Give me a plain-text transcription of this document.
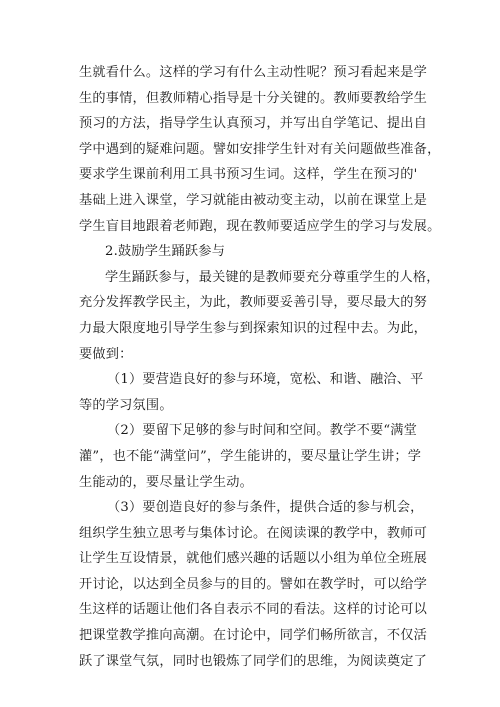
生就看什么。这样的学习有什么主动性呢？预习看起来是学
生的事情，但教师精心指导是十分关键的。教师要教给学生
预习的方法，指导学生认真预习，并写出自学笔记、提出自
学中遇到的疑难问题。譬如安排学生针对有关问题做些准备，
要求学生课前利用工具书预习生词。这样，学生在预习的'
基础上进入课堂，学习就能由被动变主动，以前在课堂上是
学生盲目地跟着老师跑，现在教师要适应学生的学习与发展。
2.鼓励学生踊跃参与
学生踊跃参与，最关键的是教师要充分尊重学生的人格，
充分发挥教学民主，为此，教师要妥善引导，要尽最大的努
力最大限度地引导学生参与到探索知识的过程中去。为此，
要做到：
（1）要营造良好的参与环境，宽松、和谐、融洽、平
等的学习氛围。
（2）要留下足够的参与时间和空间。教学不要“满堂
灌”，也不能“满堂问”，学生能讲的，要尽量让学生讲；学
生能动的，要尽量让学生动。
（3）要创造良好的参与条件，提供合适的参与机会，
组织学生独立思考与集体讨论。在阅读课的教学中，教师可
让学生互设情景，就他们感兴趣的话题以小组为单位全班展
开讨论，以达到全员参与的目的。譬如在教学时，可以给学
生这样的话题让他们各自表示不同的看法。这样的讨论可以
把课堂教学推向高潮。在讨论中，同学们畅所欲言，不仅活
跃了课堂气氛，同时也锻炼了同学们的思维，为阅读奠定了
